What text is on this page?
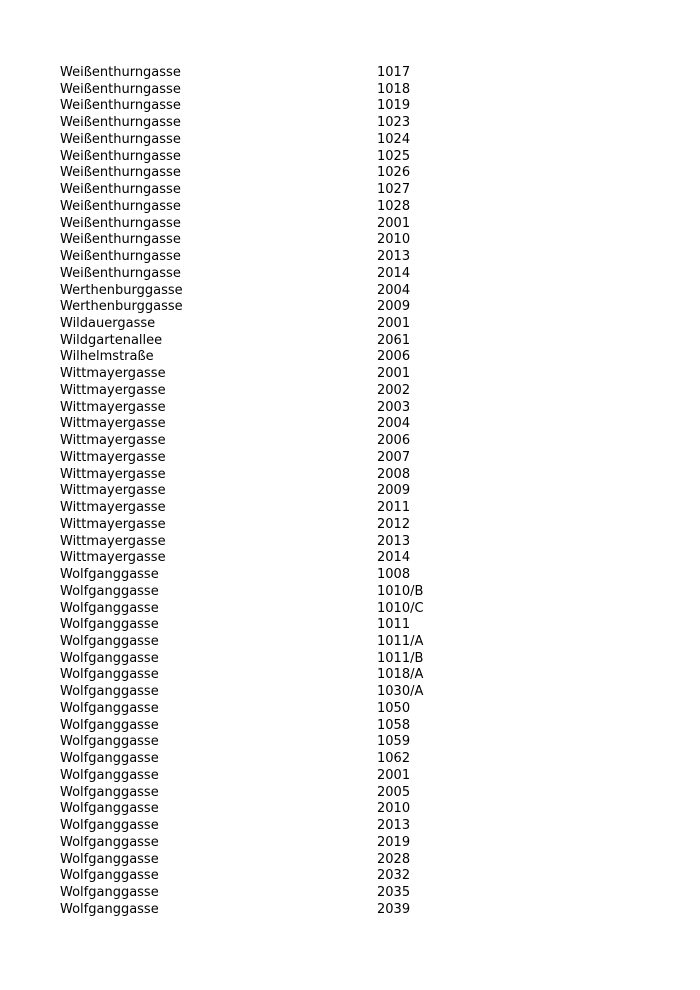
Weißenthurngasse	1017
Weißenthurngasse	1018
Weißenthurngasse	1019
Weißenthurngasse	1023
Weißenthurngasse	1024
Weißenthurngasse	1025
Weißenthurngasse	1026
Weißenthurngasse	1027
Weißenthurngasse	1028
Weißenthurngasse	2001
Weißenthurngasse	2010
Weißenthurngasse	2013
Weißenthurngasse	2014
Werthenburggasse	2004
Werthenburggasse	2009
Wildauergasse	2001
Wildgartenallee	2061
Wilhelmstraße	2006
Wittmayergasse	2001
Wittmayergasse	2002
Wittmayergasse	2003
Wittmayergasse	2004
Wittmayergasse	2006
Wittmayergasse	2007
Wittmayergasse	2008
Wittmayergasse	2009
Wittmayergasse	2011
Wittmayergasse	2012
Wittmayergasse	2013
Wittmayergasse	2014
Wolfganggasse	1008
Wolfganggasse	1010/B
Wolfganggasse	1010/C
Wolfganggasse	1011
Wolfganggasse	1011/A
Wolfganggasse	1011/B
Wolfganggasse	1018/A
Wolfganggasse	1030/A
Wolfganggasse	1050
Wolfganggasse	1058
Wolfganggasse	1059
Wolfganggasse	1062
Wolfganggasse	2001
Wolfganggasse	2005
Wolfganggasse	2010
Wolfganggasse	2013
Wolfganggasse	2019
Wolfganggasse	2028
Wolfganggasse	2032
Wolfganggasse	2035
Wolfganggasse	2039
